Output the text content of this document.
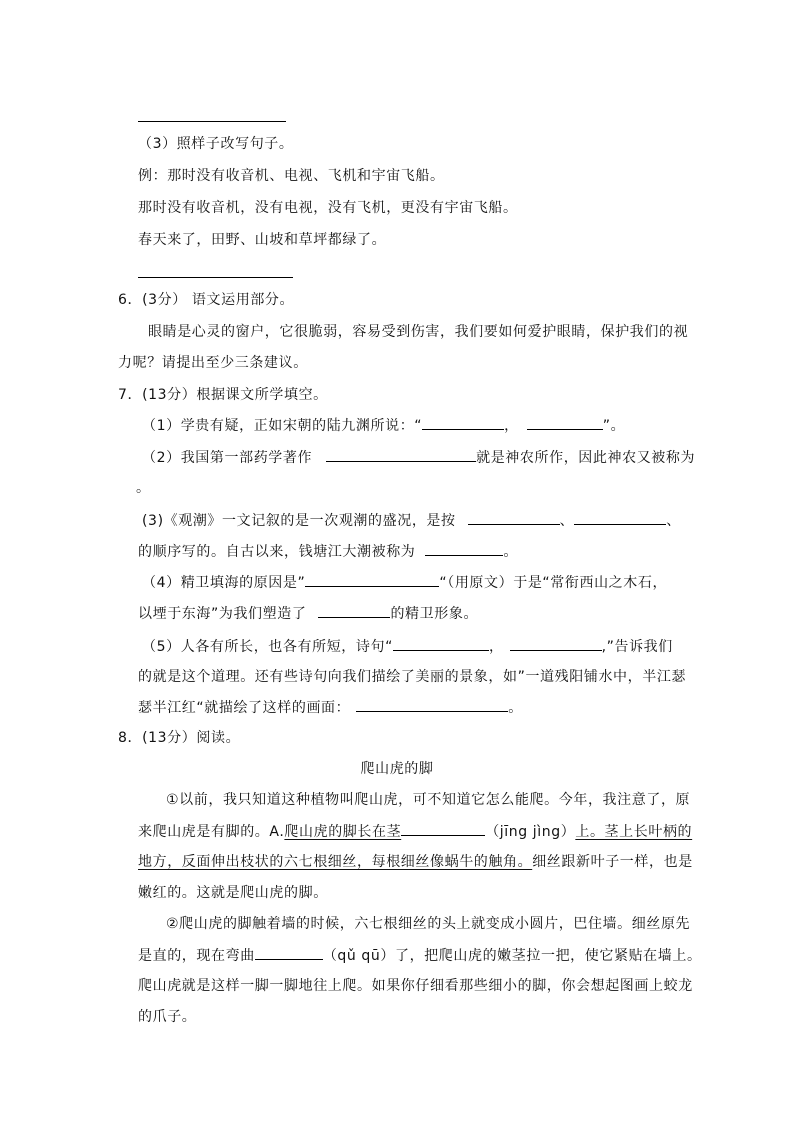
（3）照样子改写句子。
例：那时没有收音机、电视、飞机和宇宙飞船。
那时没有收音机，没有电视，没有飞机，更没有宇宙飞船。
春天来了，田野、山坡和草坪都绿了。
6．(3分） 语文运用部分。
眼睛是心灵的窗户，它很脆弱，容易受到伤害，我们要如何爱护眼睛，保护我们的视
力呢？请提出至少三条建议。
7．(13分）根据课文所学填空。
（1）学贵有疑，正如宋朝的陆九渊所说：“	，	”。
（2）我国第一部药学著作	就是神农所作，因此神农又被称为
。
(3)《观潮》一文记叙的是一次观潮的盛况，是按	、	、
的顺序写的。自古以来，钱塘江大潮被称为	。
（4）精卫填海的原因是”	“（用原文）于是“常衔西山之木石，
以堙于东海”为我们塑造了	的精卫形象。
（5）人各有所长，也各有所短，诗句“	，	,”告诉我们
的就是这个道理。还有些诗句向我们描绘了美丽的景象，如”一道残阳铺水中，半江瑟
瑟半江红“就描绘了这样的画面：	。
8．(13分）阅读。
爬山虎的脚
①以前，我只知道这种植物叫爬山虎，可不知道它怎么能爬。今年，我注意了，原
来爬山虎是有脚的。A.爬山虎的脚长在茎	（jīng jìng）上。茎上长叶柄的
地方，反面伸出枝状的六七根细丝，每根细丝像蜗牛的触角。细丝跟新叶子一样，也是
嫩红的。这就是爬山虎的脚。
②爬山虎的脚触着墙的时候，六七根细丝的头上就变成小圆片，巴住墙。细丝原先
是直的，现在弯曲	（qǔ qū）了，把爬山虎的嫩茎拉一把，使它紧贴在墙上。
爬山虎就是这样一脚一脚地往上爬。如果你仔细看那些细小的脚，你会想起图画上蛟龙
的爪子。
